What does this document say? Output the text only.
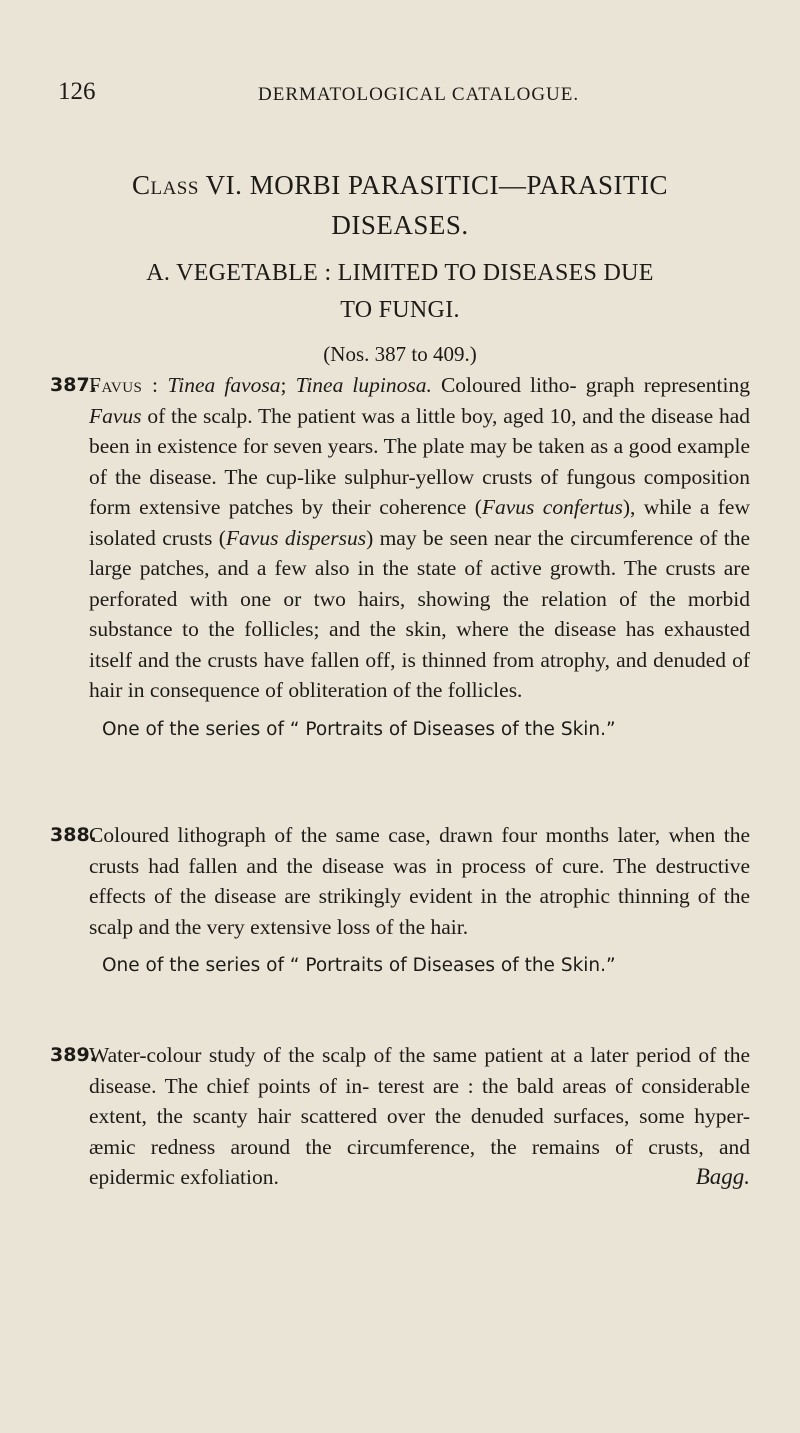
126	DERMATOLOGICAL CATALOGUE.
Class VI. MORBI PARASITICI—PARASITIC
DISEASES.
A. VEGETABLE : LIMITED TO DISEASES DUE
TO FUNGI.
(Nos. 387 to 409.)
387.
Favus : Tinea favosa; Tinea lupinosa. Coloured litho- graph representing Favus of the scalp. The patient was a little boy, aged 10, and the disease had been in existence for seven years. The plate may be taken as a good example of the disease. The cup-like sulphur-yellow crusts of fungous composition form extensive patches by their coherence (Favus confertus), while a few isolated crusts (Favus dispersus) may be seen near the circumference of the large patches, and a few also in the state of active growth. The crusts are perforated with one or two hairs, showing the relation of the morbid substance to the follicles; and the skin, where the disease has exhausted itself and the crusts have fallen off, is thinned from atrophy, and denuded of hair in consequence of obliteration of the follicles.
One of the series of “ Portraits of Diseases of the Skin.”
388.
Coloured lithograph of the same case, drawn four months later, when the crusts had fallen and the disease was in process of cure. The destructive effects of the disease are strikingly evident in the atrophic thinning of the scalp and the very extensive loss of the hair.
One of the series of “ Portraits of Diseases of the Skin.”
389.
Water-colour study of the scalp of the same patient at a later period of the disease. The chief points of in- terest are : the bald areas of considerable extent, the scanty hair scattered over the denuded surfaces, some hyper- æmic redness around the circumference, the remains of crusts, and epidermic exfoliation.	Bagg.
